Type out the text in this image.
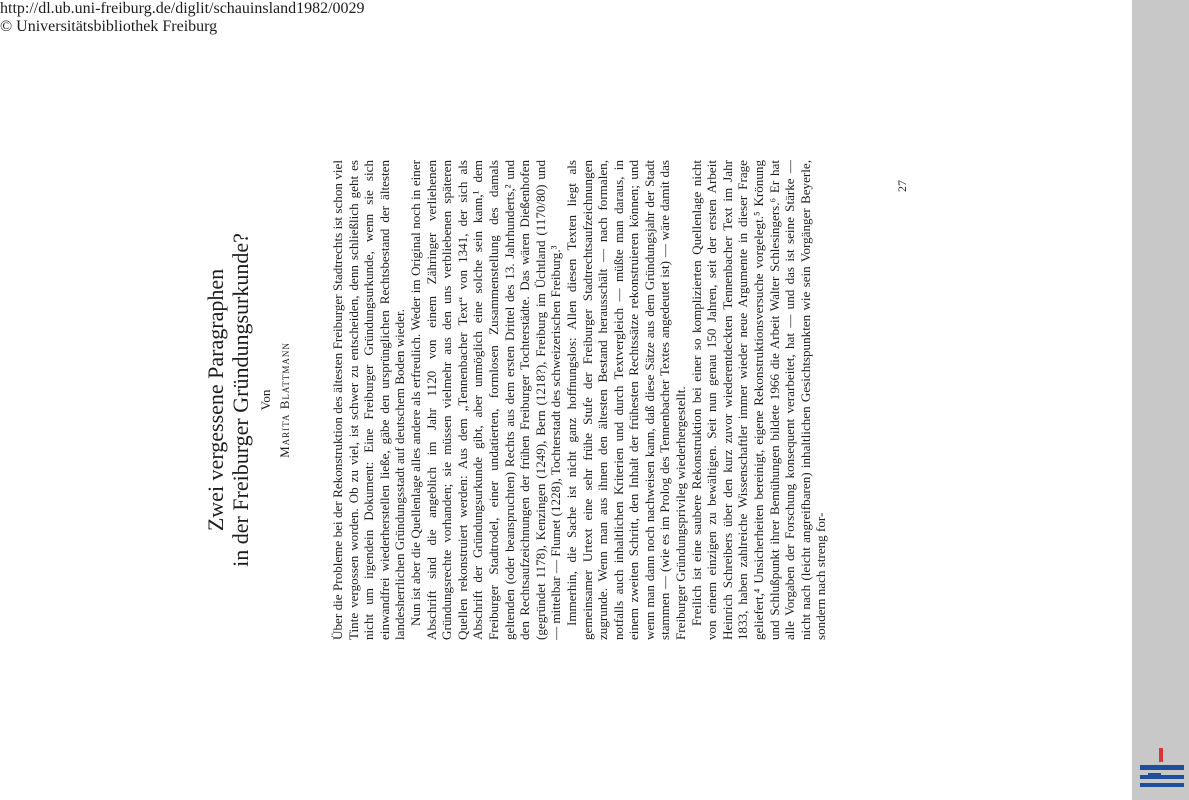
Zwei vergessene Paragraphen in der Freiburger Gründungsurkunde? Von
Marita Blattmann	Über die Probleme bei der Rekonstruktion des ältesten Freiburger Stadtrechts ist schon viel Tinte vergossen worden. Ob zu viel, ist schwer zu entscheiden, denn schließlich geht es nicht um irgendein Dokument: Eine Freiburger Gründungsurkunde, wenn sie sich einwandfrei wiederherstellen ließe, gäbe den ursprünglichen Rechtsbestand der ältesten landesherrlichen Gründungsstadt auf deutschem Boden wieder. Nun ist aber die Quellenlage alles andere als erfreulich. Weder im Original noch in einer Abschrift sind die angeblich im Jahr 1120 von einem Zähringer verliehenen Gründungsrechte vorhanden; sie müssen vielmehr aus den uns verbliebenen späteren Quellen rekonstruiert werden: Aus dem „Tennenbacher Text“ von 1341, der sich als Abschrift der Gründungsurkunde gibt, aber unmöglich eine solche sein kann,¹ dem Freiburger Stadtrodel, einer undatierten, formlosen Zusammenstellung des damals geltenden (oder beanspruchten) Rechts aus dem ersten Drittel des 13. Jahrhunderts,² und den Rechtsaufzeichnungen der frühen Freiburger Tochterstädte. Das wären Dießenhofen (gegründet 1178), Kenzingen (1249), Bern (1218?), Freiburg im Üchtland (1170/80) und — mittelbar — Flumet (1228), Tochterstadt des schweizerischen Freiburg.³ Immerhin, die Sache ist nicht ganz hoffnungslos: Allen diesen Texten liegt als gemeinsamer Urtext eine sehr frühe Stufe der Freiburger Stadtrechtsaufzeichnungen zugrunde. Wenn man aus ihnen den ältesten Bestand herausschält — nach formalen, notfalls auch inhaltlichen Kriterien und durch Textvergleich — müßte man daraus, in einem zweiten Schritt, den Inhalt der frühesten Rechtssätze rekonstruieren können; und wenn man dann noch nachweisen kann, daß diese Sätze aus dem Gründungsjahr der Stadt stammen — (wie es im Prolog des Tennenbacher Textes angedeutet ist) — wäre damit das Freiburger Gründungsprivileg wiederhergestellt. Freilich ist eine saubere Rekonstruktion bei einer so komplizierten Quellenlage nicht von einem einzigen zu bewältigen. Seit nun genau 150 Jahren, seit der ersten Arbeit Heinrich Schreibers über den kurz zuvor wiederentdeckten Tennenbacher Text im Jahr 1833, haben zahlreiche Wissenschaftler immer wieder neue Argumente in dieser Frage geliefert,⁴ Unsicherheiten bereinigt, eigene Rekonstruktionsversuche vorgelegt.⁵ Krönung und Schlußpunkt ihrer Bemühungen bildete 1966 die Arbeit Walter Schlesingers.⁶ Er hat alle Vorgaben der Forschung konsequent verarbeitet, hat — und das ist seine Stärke — nicht nach (leicht angreifbaren) inhaltlichen Gesichtspunkten wie sein Vorgänger Beyerle, sondern nach streng for-

27
http://dl.ub.uni-freiburg.de/diglit/schauinsland1982/0029
© Universitätsbibliothek Freiburg
